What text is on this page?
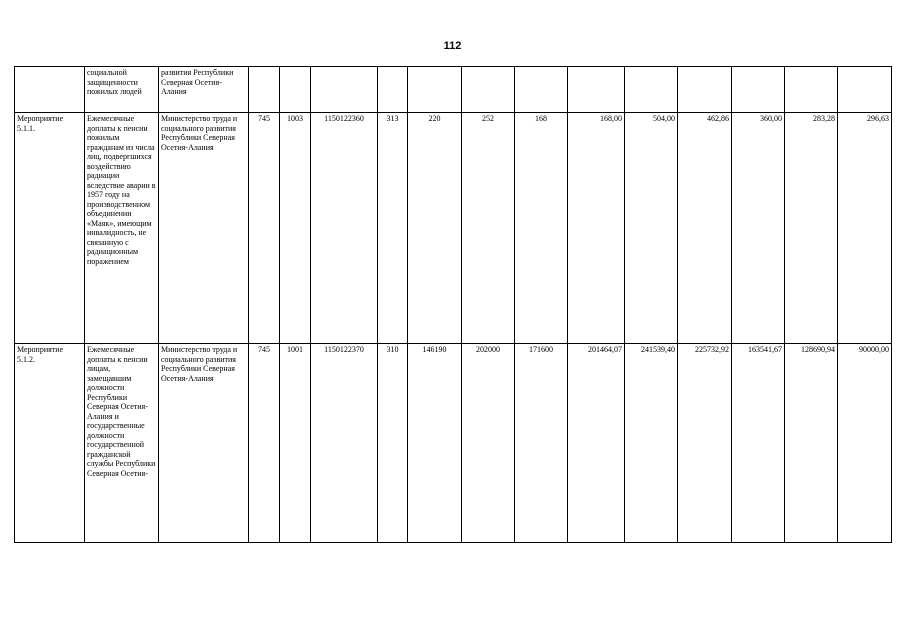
112
	социальной защищенности пожилых людей	развития Республики Северная Осетия-Алания													
Мероприятие 5.1.1.	Ежемесячные доплаты к пенсии пожилым гражданам из числа лиц, подвергшихся воздействию радиации вследствие аварии в 1957 году на производственном объединении «Маяк», имеющим инвалидность, не связанную с радиационным поражением	Министерство труда и социального развития Республики Северная Осетия-Алания	745	1003	1150122360	313	220	252	168	168,00	504,00	462,86	360,00	283,28	296,63
Мероприятие 5.1.2.	Ежемесячные доплаты к пенсии лицам, замещавшим должности Республики Северная Осетия-Алания и государственные должности государственной гражданской службы Республики Северная Осетия-	Министерство труда и социального развития Республики Северная Осетия-Алания	745	1001	1150122370	310	146190	202000	171600	201464,07	241539,40	225732,92	163541,67	128690,94	90000,00
